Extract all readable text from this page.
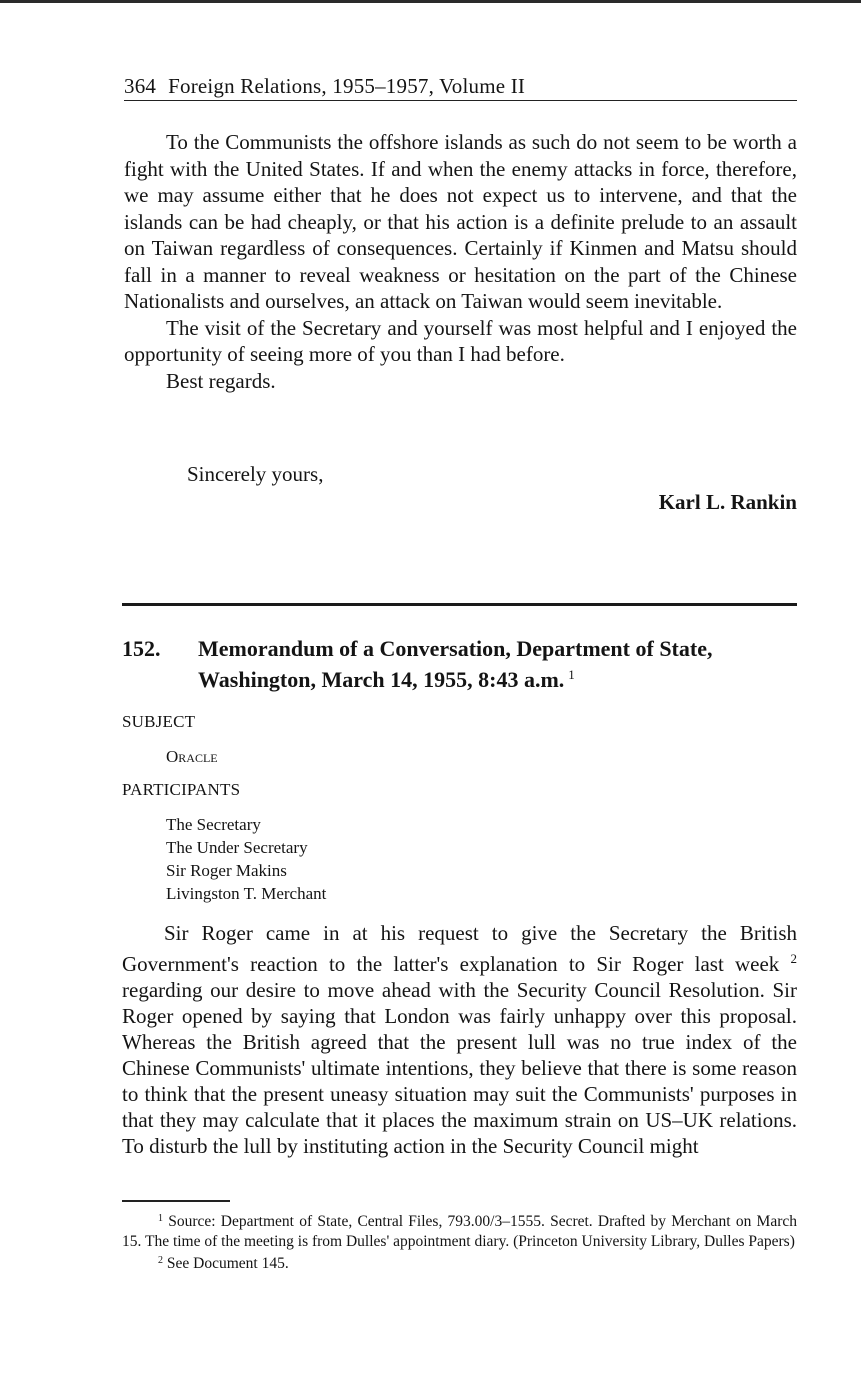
364 Foreign Relations, 1955–1957, Volume II

To the Communists the offshore islands as such do not seem to be worth a fight with the United States. If and when the enemy attacks in force, therefore, we may assume either that he does not expect us to intervene, and that the islands can be had cheaply, or that his action is a definite prelude to an assault on Taiwan regardless of consequences. Certainly if Kinmen and Matsu should fall in a manner to reveal weakness or hesitation on the part of the Chinese Nationalists and ourselves, an attack on Taiwan would seem inevitable.

The visit of the Secretary and yourself was most helpful and I enjoyed the opportunity of seeing more of you than I had before.

Best regards.

Sincerely yours,
Karl L. Rankin
152. Memorandum of a Conversation, Department of State, Washington, March 14, 1955, 8:43 a.m. $^1$
SUBJECT
Oracle
PARTICIPANTS
The Secretary
The Under Secretary
Sir Roger Makins
Livingston T. Merchant

Sir Roger came in at his request to give the Secretary the British Government's reaction to the latter's explanation to Sir Roger last week $^2$ regarding our desire to move ahead with the Security Council Resolution. Sir Roger opened by saying that London was fairly unhappy over this proposal. Whereas the British agreed that the present lull was no true index of the Chinese Communists' ultimate intentions, they believe that there is some reason to think that the present uneasy situation may suit the Communists' purposes in that they may calculate that it places the maximum strain on US–UK relations. To disturb the lull by instituting action in the Security Council might

$^1$ Source: Department of State, Central Files, 793.00/3–1555. Secret. Drafted by Merchant on March 15. The time of the meeting is from Dulles' appointment diary. (Princeton University Library, Dulles Papers)

$^2$ See Document 145.
